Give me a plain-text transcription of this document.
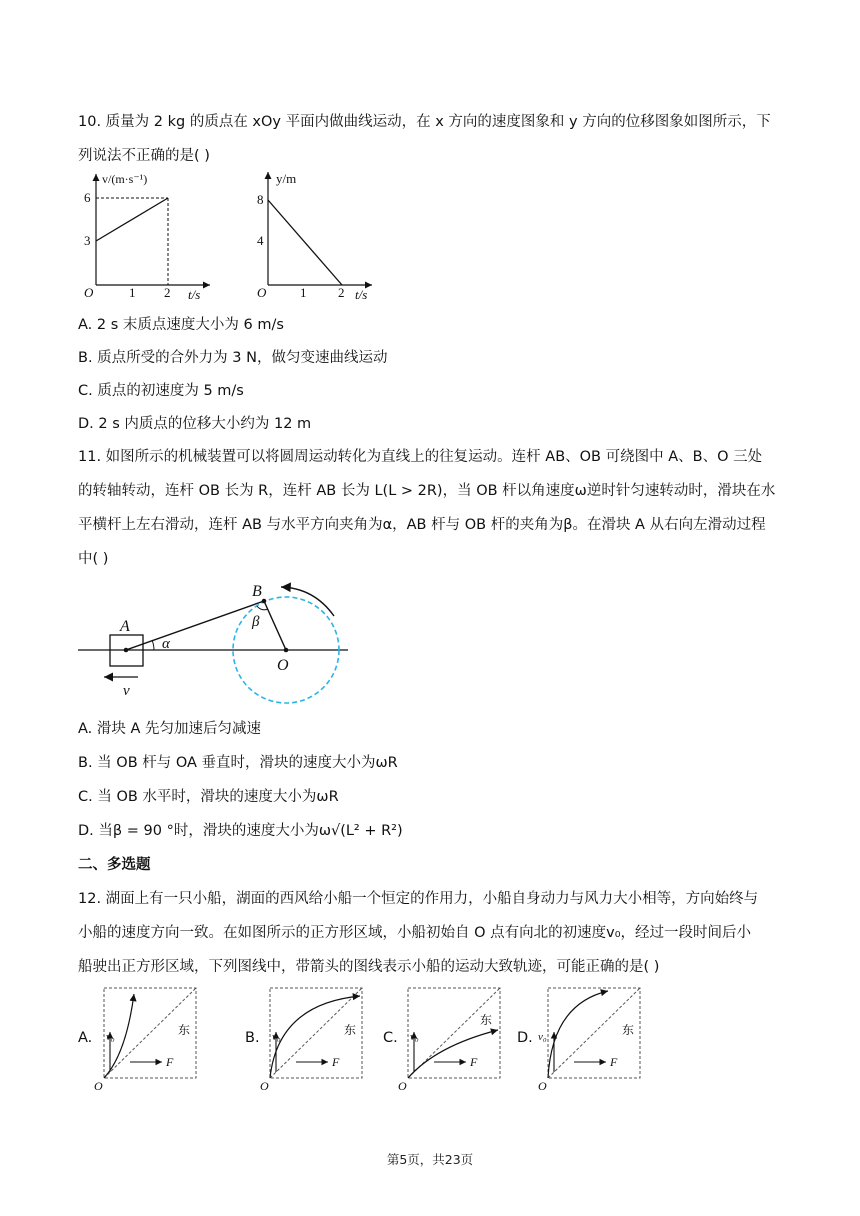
10. 质量为 2 kg 的质点在 xOy 平面内做曲线运动，在 x 方向的速度图象和 y 方向的位移图象如图所示，下
列说法不正确的是( )
v/(m·s⁻¹)
6
3
O	1 2 t/s
y/m
8
4
O	1 2 t/s
A. 2 s 末质点速度大小为 6 m/s
B. 质点所受的合外力为 3 N，做匀变速曲线运动
C. 质点的初速度为 5 m/s
D. 2 s 内质点的位移大小约为 12 m
11. 如图所示的机械装置可以将圆周运动转化为直线上的往复运动。连杆 AB、OB 可绕图中 A、B、O 三处
的转轴转动，连杆 OB 长为 R，连杆 AB 长为 L(L > 2R)，当 OB 杆以角速度ω逆时针匀速转动时，滑块在水
平横杆上左右滑动，连杆 AB 与水平方向夹角为α，AB 杆与 OB 杆的夹角为β。在滑块 A 从右向左滑动过程
中( )
A
B
O
α
β
v
A. 滑块 A 先匀加速后匀减速
B. 当 OB 杆与 OA 垂直时，滑块的速度大小为ωR
C. 当 OB 水平时，滑块的速度大小为ωR
D. 当β = 90 °时，滑块的速度大小为ω√(L² + R²)
二、多选题
12. 湖面上有一只小船，湖面的西风给小船一个恒定的作用力，小船自身动力与风力大小相等，方向始终与
小船的速度方向一致。在如图所示的正方形区域，小船初始自 O 点有向北的初速度v₀，经过一段时间后小
船驶出正方形区域，下列图线中，带箭头的图线表示小船的运动大致轨迹，可能正确的是( )
A. v₀
F
东
O
B. v₀
F
东
O
C. v₀
F
东
O
D. v₀
F
东
O
第5页，共23页
